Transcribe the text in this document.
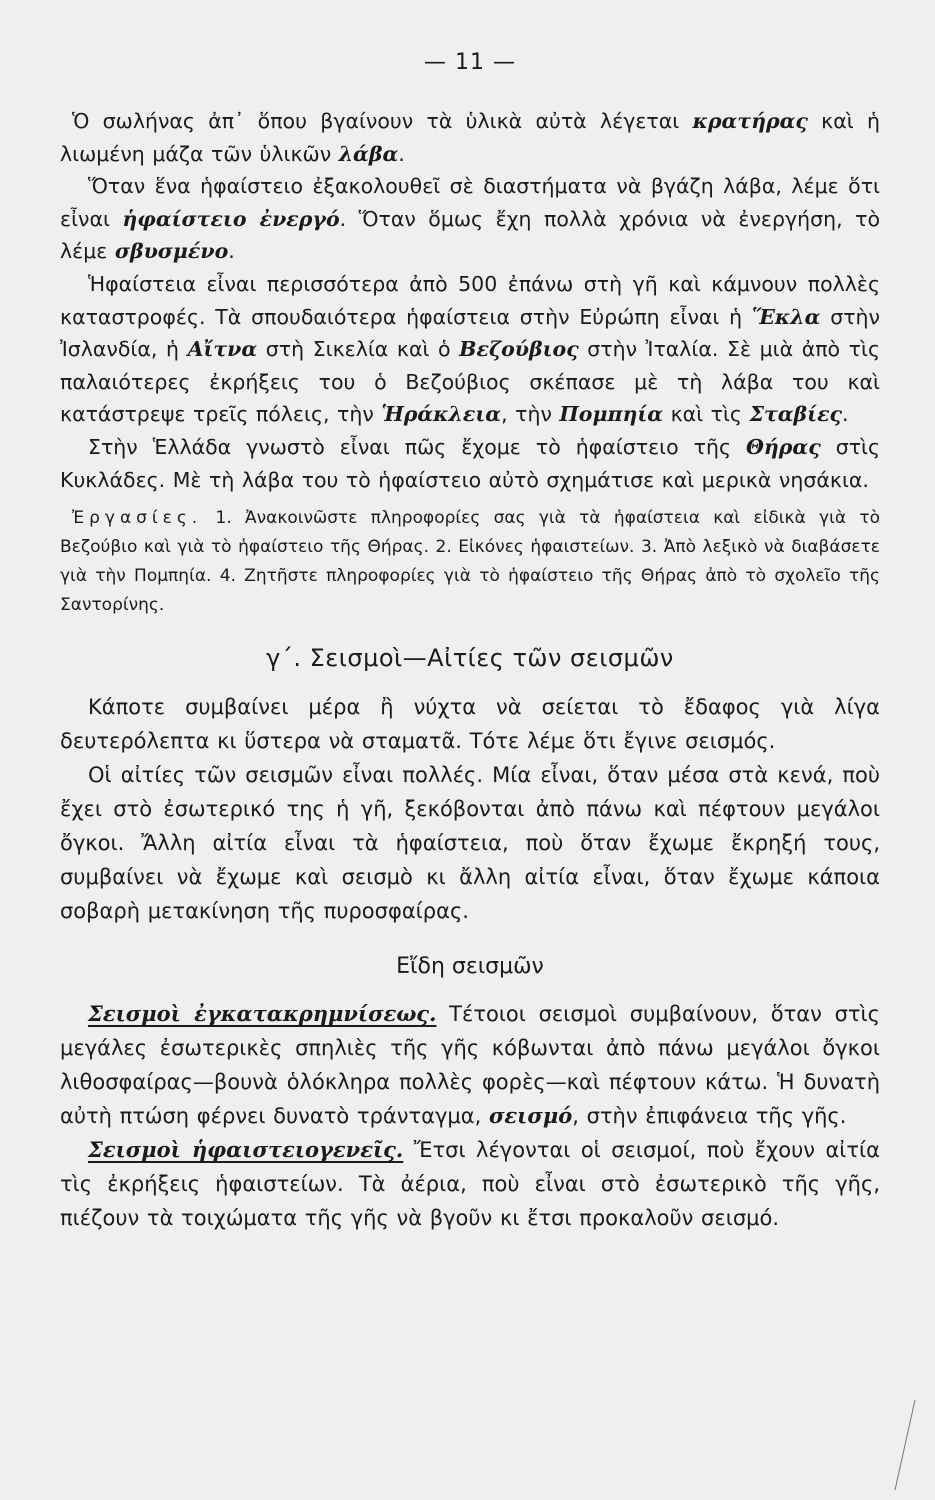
— 11 —

Ὁ σωλήνας ἀπ᾽ ὅπου βγαίνουν τὰ ὑλικὰ αὐτὰ λέγεται κρατήρας καὶ ἡ λιωμένη μάζα τῶν ὑλικῶν λάβα.

Ὅταν ἕνα ἡφαίστειο ἐξακολουθεῖ σὲ διαστήματα νὰ βγάζη λάβα, λέμε ὅτι εἶναι ἡφαίστειο ἐνεργό. Ὅταν ὅμως ἔχη πολλὰ χρόνια νὰ ἐνεργήση, τὸ λέμε σβυσμένο.

Ἡφαίστεια εἶναι περισσότερα ἀπὸ 500 ἐπάνω στὴ γῆ καὶ κάμνουν πολλὲς καταστροφές. Τὰ σπουδαιότερα ἡφαίστεια στὴν Εὐρώπη εἶναι ἡ Ἕκλα στὴν Ἰσλανδία, ἡ Αἴτνα στὴ Σικελία καὶ ὁ Βεζούβιος στὴν Ἰταλία. Σὲ μιὰ ἀπὸ τὶς παλαιότερες ἐκρήξεις του ὁ Βεζούβιος σκέπασε μὲ τὴ λάβα του καὶ κατάστρεψε τρεῖς πόλεις, τὴν Ἡράκλεια, τὴν Πομπηία καὶ τὶς Σταβίες.

Στὴν Ἑλλάδα γνωστὸ εἶναι πῶς ἔχομε τὸ ἡφαίστειο τῆς Θήρας στὶς Κυκλάδες. Μὲ τὴ λάβα του τὸ ἡφαίστειο αὐτὸ σχημάτισε καὶ μερικὰ νησάκια.

Ἐργασίες. 1. Ἀνακοινῶστε πληροφορίες σας γιὰ τὰ ἡφαίστεια καὶ εἰδικὰ γιὰ τὸ Βεζούβιο καὶ γιὰ τὸ ἡφαίστειο τῆς Θήρας. 2. Εἰκόνες ἡφαιστείων. 3. Ἀπὸ λεξικὸ νὰ διαβάσετε γιὰ τὴν Πομπηία. 4. Ζητῆστε πληροφορίες γιὰ τὸ ἡφαίστειο τῆς Θήρας ἀπὸ τὸ σχολεῖο τῆς Σαντορίνης.

γ΄. Σεισμοὶ—Αἰτίες τῶν σεισμῶν

Κάποτε συμβαίνει μέρα ἢ νύχτα νὰ σείεται τὸ ἔδαφος γιὰ λίγα δευτερόλεπτα κι ὕστερα νὰ σταματᾶ. Τότε λέμε ὅτι ἔγινε σεισμός.

Οἱ αἰτίες τῶν σεισμῶν εἶναι πολλές. Μία εἶναι, ὅταν μέσα στὰ κενά, ποὺ ἔχει στὸ ἐσωτερικό της ἡ γῆ, ξεκόβονται ἀπὸ πάνω καὶ πέφτουν μεγάλοι ὄγκοι. Ἄλλη αἰτία εἶναι τὰ ἡφαίστεια, ποὺ ὅταν ἔχωμε ἔκρηξή τους, συμβαίνει νὰ ἔχωμε καὶ σεισμὸ κι ἄλλη αἰτία εἶναι, ὅταν ἔχωμε κάποια σοβαρὴ μετακίνηση τῆς πυροσφαίρας.

Εἴδη σεισμῶν

Σεισμοὶ ἐγκατακρημνίσεως. Τέτοιοι σεισμοὶ συμβαίνουν, ὅταν στὶς μεγάλες ἐσωτερικὲς σπηλιὲς τῆς γῆς κόβωνται ἀπὸ πάνω μεγάλοι ὄγκοι λιθοσφαίρας—βουνὰ ὁλόκληρα πολλὲς φορὲς—καὶ πέφτουν κάτω. Ἡ δυνατὴ αὐτὴ πτώση φέρνει δυνατὸ τράνταγμα, σεισμό, στὴν ἐπιφάνεια τῆς γῆς.

Σεισμοὶ ἡφαιστειογενεῖς. Ἔτσι λέγονται οἱ σεισμοί, ποὺ ἔχουν αἰτία τὶς ἐκρήξεις ἡφαιστείων. Τὰ ἀέρια, ποὺ εἶναι στὸ ἐσωτερικὸ τῆς γῆς, πιέζουν τὰ τοιχώματα τῆς γῆς νὰ βγοῦν κι ἔτσι προκαλοῦν σεισμό.
